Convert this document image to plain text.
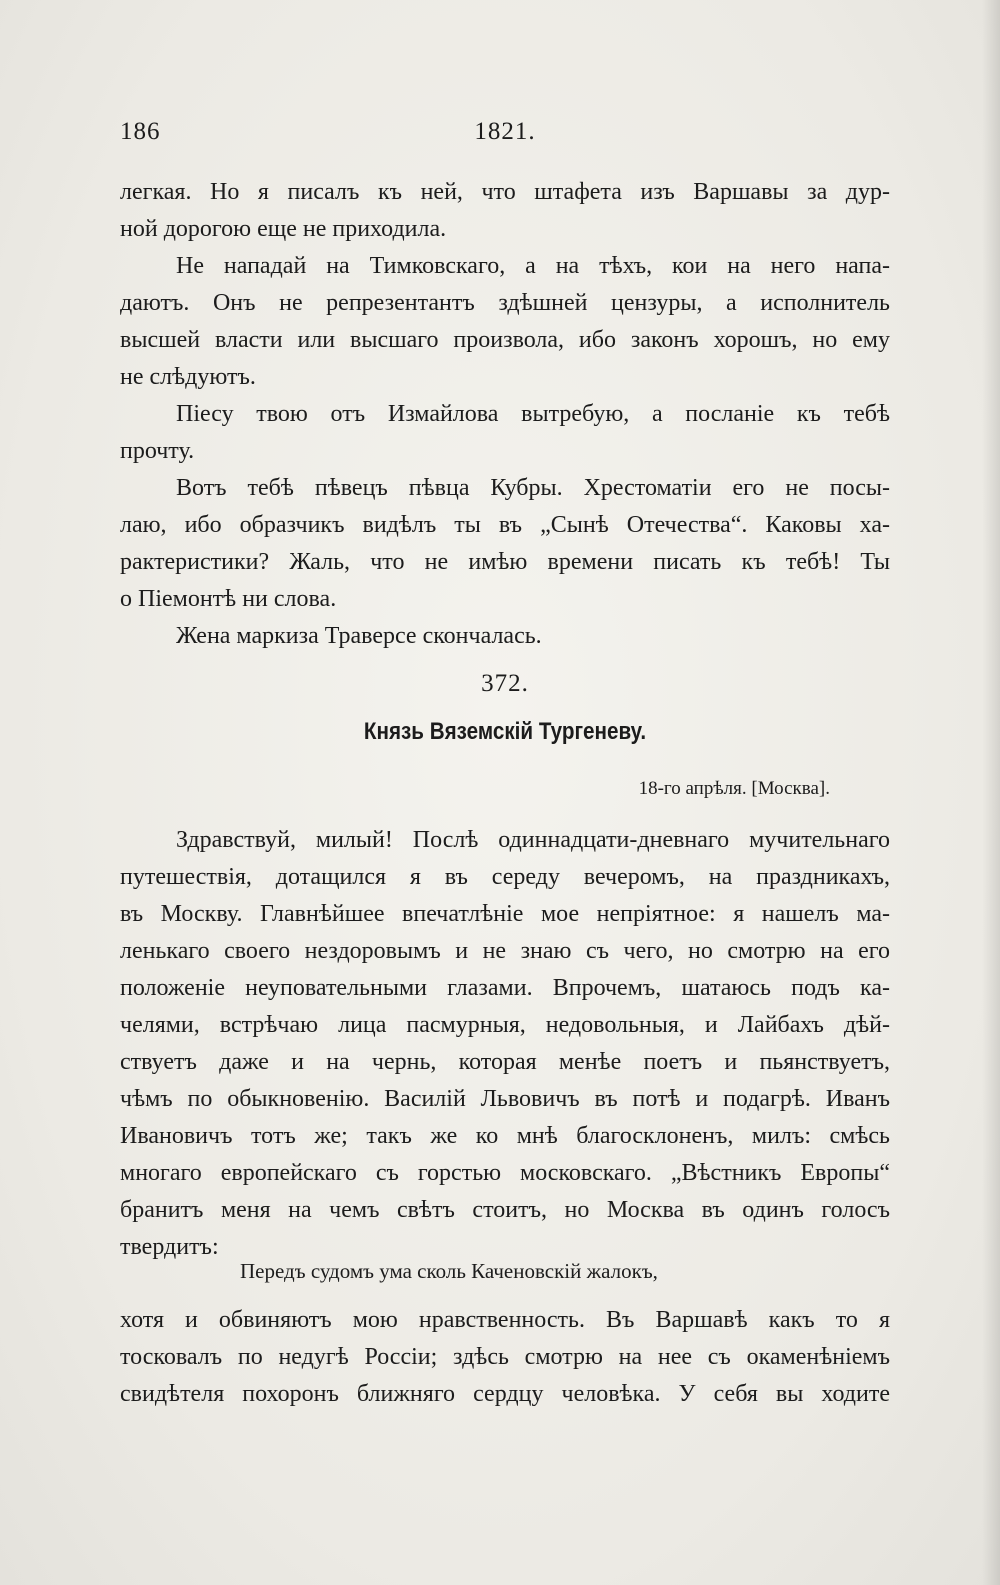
186	1821.
легкая. Но я писалъ къ ней, что штафета изъ Варшавы за дур-
ной дорогою еще не приходила.
Не нападай на Тимковскаго, а на тѣхъ, кои на него напа-
даютъ. Онъ не репрезентантъ здѣшней цензуры, а исполнитель
высшей власти или высшаго произвола, ибо законъ хорошъ, но ему
не слѣдуютъ.
Піесу твою отъ Измайлова вытребую, а посланіе къ тебѣ
прочту.
Вотъ тебѣ пѣвецъ пѣвца Кубры. Хрестоматіи его не посы-
лаю, ибо образчикъ видѣлъ ты въ „Сынѣ Отечества“. Каковы ха-
рактеристики? Жаль, что не имѣю времени писать къ тебѣ! Ты
о Піемонтѣ ни слова.
Жена маркиза Траверсе скончалась.
372.
Князь Вяземскій Тургеневу.
18-го апрѣля. [Москва].
Здравствуй, милый! Послѣ одиннадцати-дневнаго мучительнаго
путешествія, дотащился я въ середу вечеромъ, на праздникахъ,
въ Москву. Главнѣйшее впечатлѣніе мое непріятное: я нашелъ ма-
ленькаго своего нездоровымъ и не знаю съ чего, но смотрю на его
положеніе неуповательными глазами. Впрочемъ, шатаюсь подъ ка-
челями, встрѣчаю лица пасмурныя, недовольныя, и Лайбахъ дѣй-
ствуетъ даже и на чернь, которая менѣе поетъ и пьянствуетъ,
чѣмъ по обыкновенію. Василій Львовичъ въ потѣ и подагрѣ. Иванъ
Ивановичъ тотъ же; такъ же ко мнѣ благосклоненъ, милъ: смѣсь
многаго европейскаго съ горстью московскаго. „Вѣстникъ Европы“
бранитъ меня на чемъ свѣтъ стоитъ, но Москва въ одинъ голосъ
твердитъ:
Передъ судомъ ума сколь Каченовскій жалокъ,
хотя и обвиняютъ мою нравственность. Въ Варшавѣ какъ то я
тосковалъ по недугѣ Россіи; здѣсь смотрю на нее съ окаменѣніемъ
свидѣтеля похоронъ ближняго сердцу человѣка. У себя вы ходите
